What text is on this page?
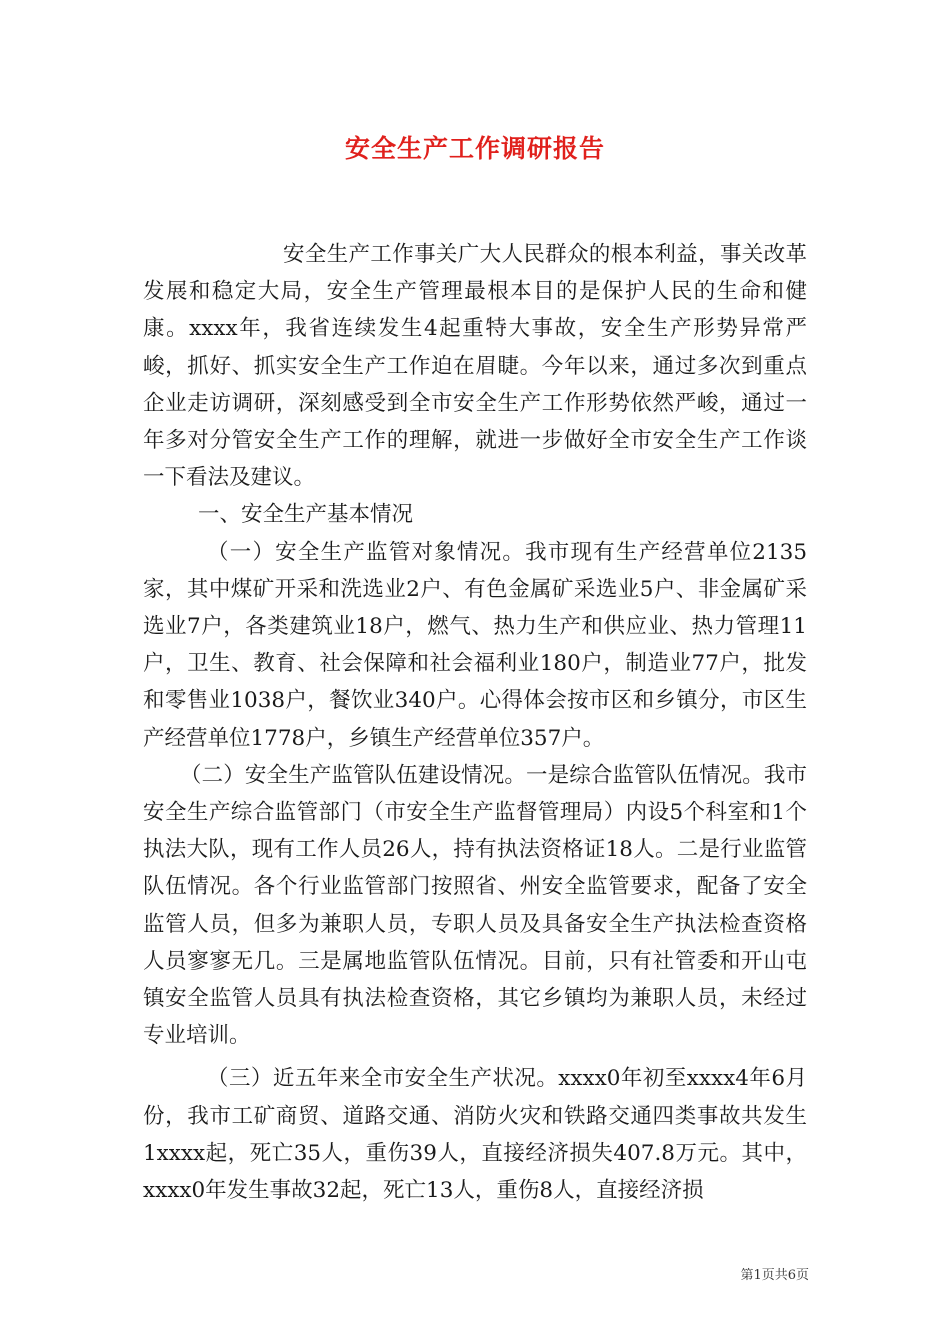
安全生产工作调研报告

安全生产工作事关广大人民群众的根本利益，事关改革发展和稳定大局，安全生产管理最根本目的是保护人民的生命和健康。xxxx年，我省连续发生4起重特大事故，安全生产形势异常严峻，抓好、抓实安全生产工作迫在眉睫。今年以来，通过多次到重点企业走访调研，深刻感受到全市安全生产工作形势依然严峻，通过一年多对分管安全生产工作的理解，就进一步做好全市安全生产工作谈一下看法及建议。

一、安全生产基本情况

（一）安全生产监管对象情况。我市现有生产经营单位2135家，其中煤矿开采和洗选业2户、有色金属矿采选业5户、非金属矿采选业7户，各类建筑业18户，燃气、热力生产和供应业、热力管理11户，卫生、教育、社会保障和社会福利业180户，制造业77户，批发和零售业1038户，餐饮业340户。心得体会按市区和乡镇分，市区生产经营单位1778户，乡镇生产经营单位357户。

（二）安全生产监管队伍建设情况。一是综合监管队伍情况。我市安全生产综合监管部门（市安全生产监督管理局）内设5个科室和1个执法大队，现有工作人员26人，持有执法资格证18人。二是行业监管队伍情况。各个行业监管部门按照省、州安全监管要求，配备了安全监管人员，但多为兼职人员，专职人员及具备安全生产执法检查资格人员寥寥无几。三是属地监管队伍情况。目前，只有社管委和开山屯镇安全监管人员具有执法检查资格，其它乡镇均为兼职人员，未经过专业培训。

（三）近五年来全市安全生产状况。xxxx0年初至xxxx4年6月份，我市工矿商贸、道路交通、消防火灾和铁路交通四类事故共发生1xxxx起，死亡35人，重伤39人，直接经济损失407.8万元。其中，xxxx0年发生事故32起，死亡13人，重伤8人，直接经济损

第1页共6页
